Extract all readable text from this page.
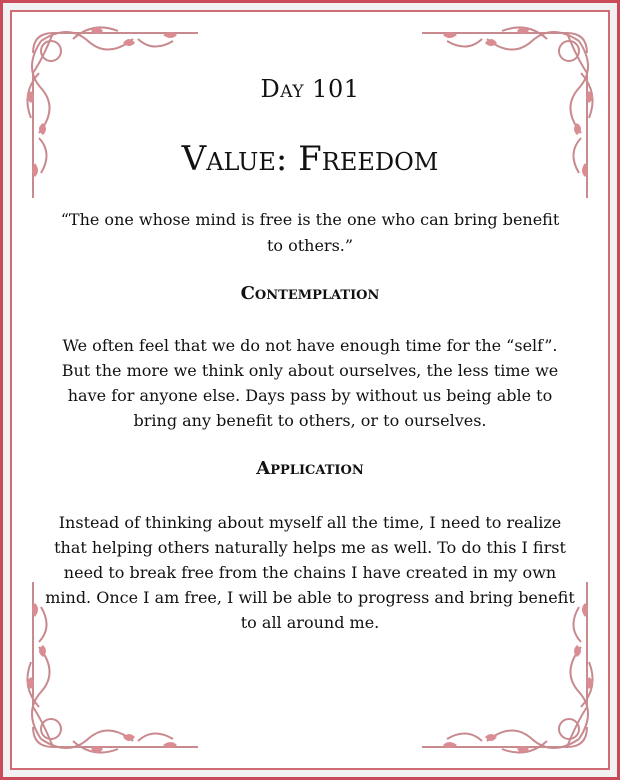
Day 101
Value: Freedom
“The one whose mind is free is the one who can bring benefit to others.”
Contemplation
We often feel that we do not have enough time for the “self”. But the more we think only about ourselves, the less time we have for anyone else. Days pass by without us being able to bring any benefit to others, or to ourselves.
Application
Instead of thinking about myself all the time, I need to realize that helping others naturally helps me as well. To do this I first need to break free from the chains I have created in my own mind. Once I am free, I will be able to progress and bring benefit to all around me.
